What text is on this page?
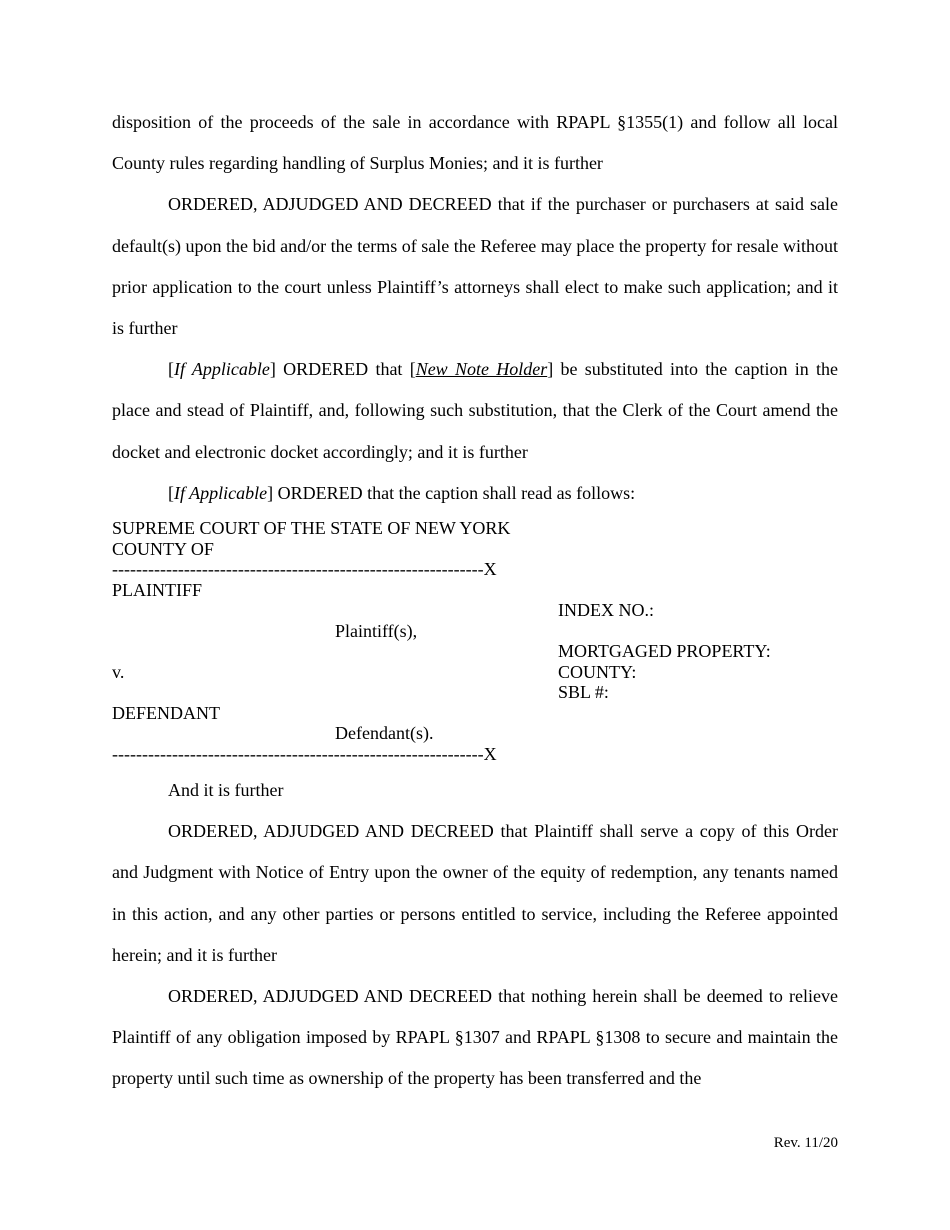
disposition of the proceeds of the sale in accordance with RPAPL §1355(1) and follow all local County rules regarding handling of Surplus Monies; and it is further

ORDERED, ADJUDGED AND DECREED that if the purchaser or purchasers at said sale default(s) upon the bid and/or the terms of sale the Referee may place the property for resale without prior application to the court unless Plaintiff’s attorneys shall elect to make such application; and it is further

[If Applicable] ORDERED that [New Note Holder] be substituted into the caption in the place and stead of Plaintiff, and, following such substitution, that the Clerk of the Court amend the docket and electronic docket accordingly; and it is further

[If Applicable] ORDERED that the caption shall read as follows:

SUPREME COURT OF THE STATE OF NEW YORK
COUNTY OF
--------------------------------------------------------------X
PLAINTIFF
INDEX NO.:
Plaintiff(s),
MORTGAGED PROPERTY:
v.	COUNTY:
SBL #:
DEFENDANT
Defendant(s).
--------------------------------------------------------------X

And it is further

ORDERED, ADJUDGED AND DECREED that Plaintiff shall serve a copy of this Order and Judgment with Notice of Entry upon the owner of the equity of redemption, any tenants named in this action, and any other parties or persons entitled to service, including the Referee appointed herein; and it is further

ORDERED, ADJUDGED AND DECREED that nothing herein shall be deemed to relieve Plaintiff of any obligation imposed by RPAPL §1307 and RPAPL §1308 to secure and maintain the property until such time as ownership of the property has been transferred and the

Rev. 11/20
